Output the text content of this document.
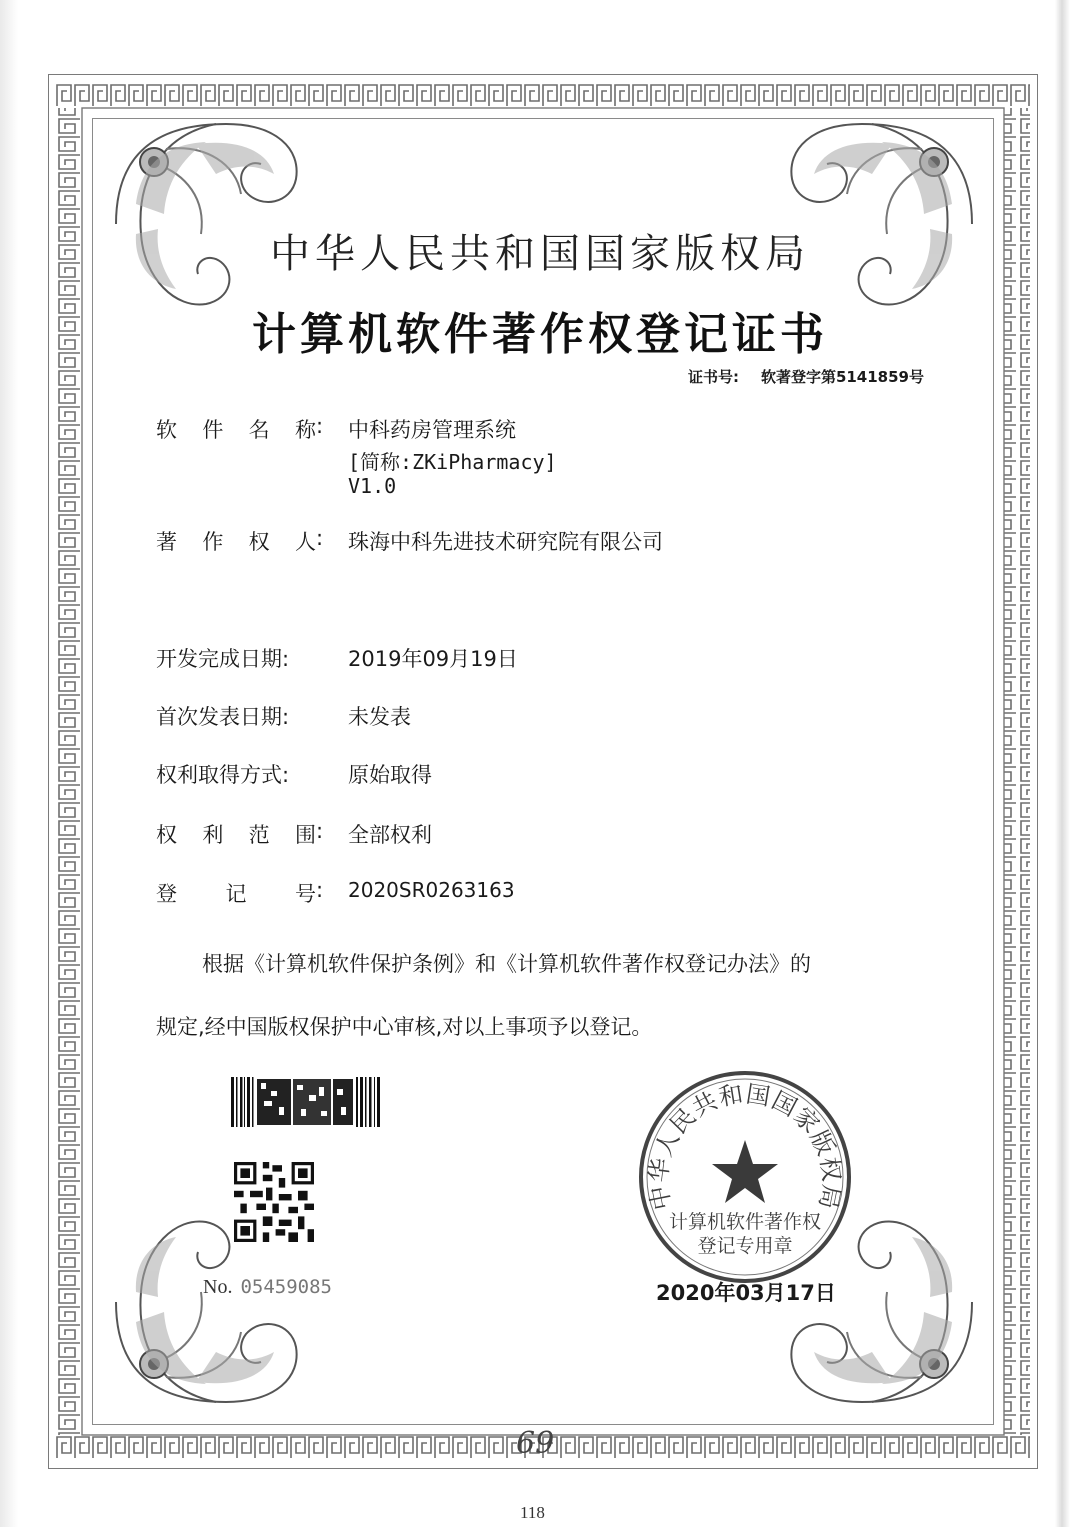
中华人民共和国国家版权局
计算机软件著作权登记证书
证书号: 软著登字第5141859号
软 件 名 称 : 中科药房管理系统
[简称:ZKiPharmacy]
V1.0
著 作 权 人 : 珠海中科先进技术研究院有限公司
开发完成日期:	2019年09月19日
首次发表日期:	未发表
权利取得方式:	原始取得
权 利 范 围 : 全部权利
登 记 号 : 2020SR0263163
根据《计算机软件保护条例》和《计算机软件著作权登记办法》的
规定,经中国版权保护中心审核,对以上事项予以登记。
No. 05459085
中华人民共和国国家版权局
计算机软件著作权
登记专用章
2020年03月17日
69
118
